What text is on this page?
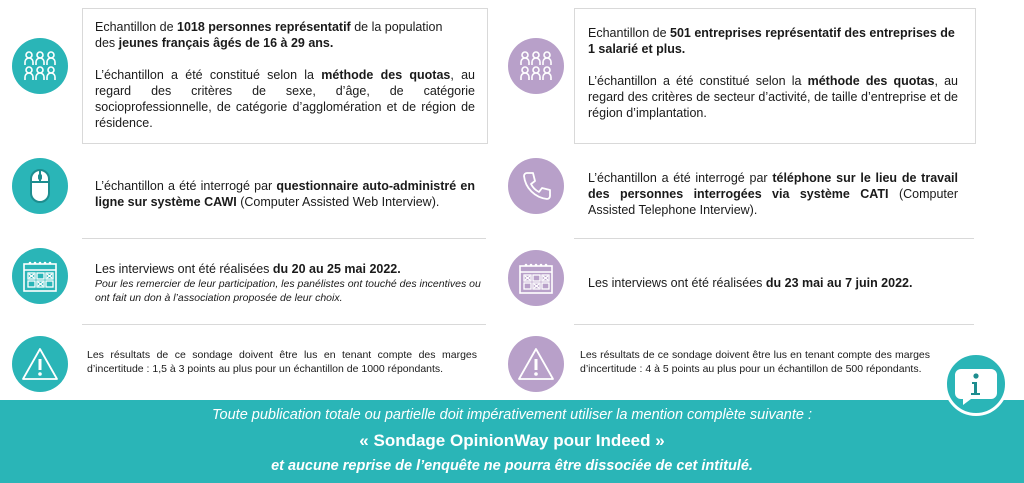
Echantillon de 1018 personnes représentatif de la population

des jeunes français âgés de 16 à 29 ans.

L’échantillon a été constitué selon la méthode des quotas, au regard des critères de sexe, d’âge, de catégorie socioprofessionnelle, de catégorie d’agglomération et de région de résidence.

L’échantillon a été interrogé par questionnaire auto-administré en ligne sur système CAWI (Computer Assisted Web Interview).

Les interviews ont été réalisées du 20 au 25 mai 2022.

Pour les remercier de leur participation, les panélistes ont touché des incentives ou ont fait un don à l’association proposée de leur choix.

Les résultats de ce sondage doivent être lus en tenant compte des marges d’incertitude : 1,5 à 3 points au plus pour un échantillon de 1000 répondants.

Echantillon de 501 entreprises représentatif des entreprises de 1 salarié et plus.

L’échantillon a été constitué selon la méthode des quotas, au regard des critères de secteur d’activité, de taille d’entreprise et de région d’implantation.

L’échantillon a été interrogé par téléphone sur le lieu de travail des personnes interrogées via système CATI (Computer Assisted Telephone Interview).

Les interviews ont été réalisées du 23 mai au 7 juin 2022.

Les résultats de ce sondage doivent être lus en tenant compte des marges d’incertitude : 4 à 5 points au plus pour un échantillon de 500 répondants.

Toute publication totale ou partielle doit impérativement utiliser la mention complète suivante :
« Sondage OpinionWay pour Indeed »
et aucune reprise de l’enquête ne pourra être dissociée de cet intitulé.
